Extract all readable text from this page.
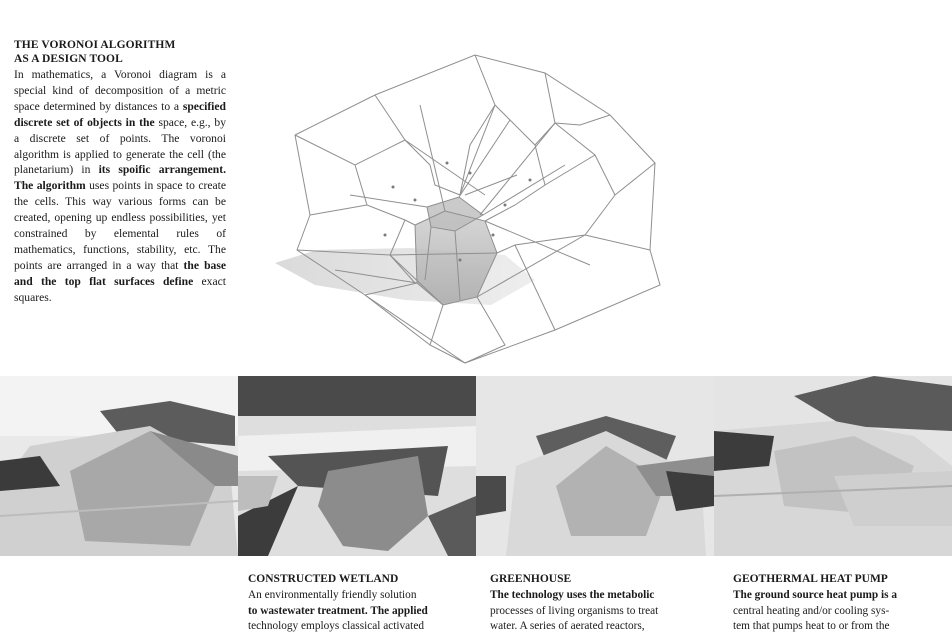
THE VORONOI ALGORITHM
AS A DESIGN TOOL

In mathematics, a Voronoi diagram is a special kind of decomposition of a metric space determined by distances to a specified discrete set of objects in the space, e.g., by a discrete set of points. The voronoi algorithm is applied to generate the cell (the planetarium) in its spoific arrangement. The algorithm uses points in space to create the cells. This way various forms can be created, opening up endless possibilities, yet constrained by elemental rules of mathematics, functions, stability, etc. The points are arranged in a way that the base and the top flat surfaces define exact squares.

CONSTRUCTED WETLAND

An environmentally friendly solution
to wastewater treatment. The applied
technology employs classical activated

GREENHOUSE

The technology uses the metabolic
processes of living organisms to treat
water. A series of aerated reactors,

GEOTHERMAL HEAT PUMP

The ground source heat pump is a
central heating and/or cooling sys-
tem that pumps heat to or from the
